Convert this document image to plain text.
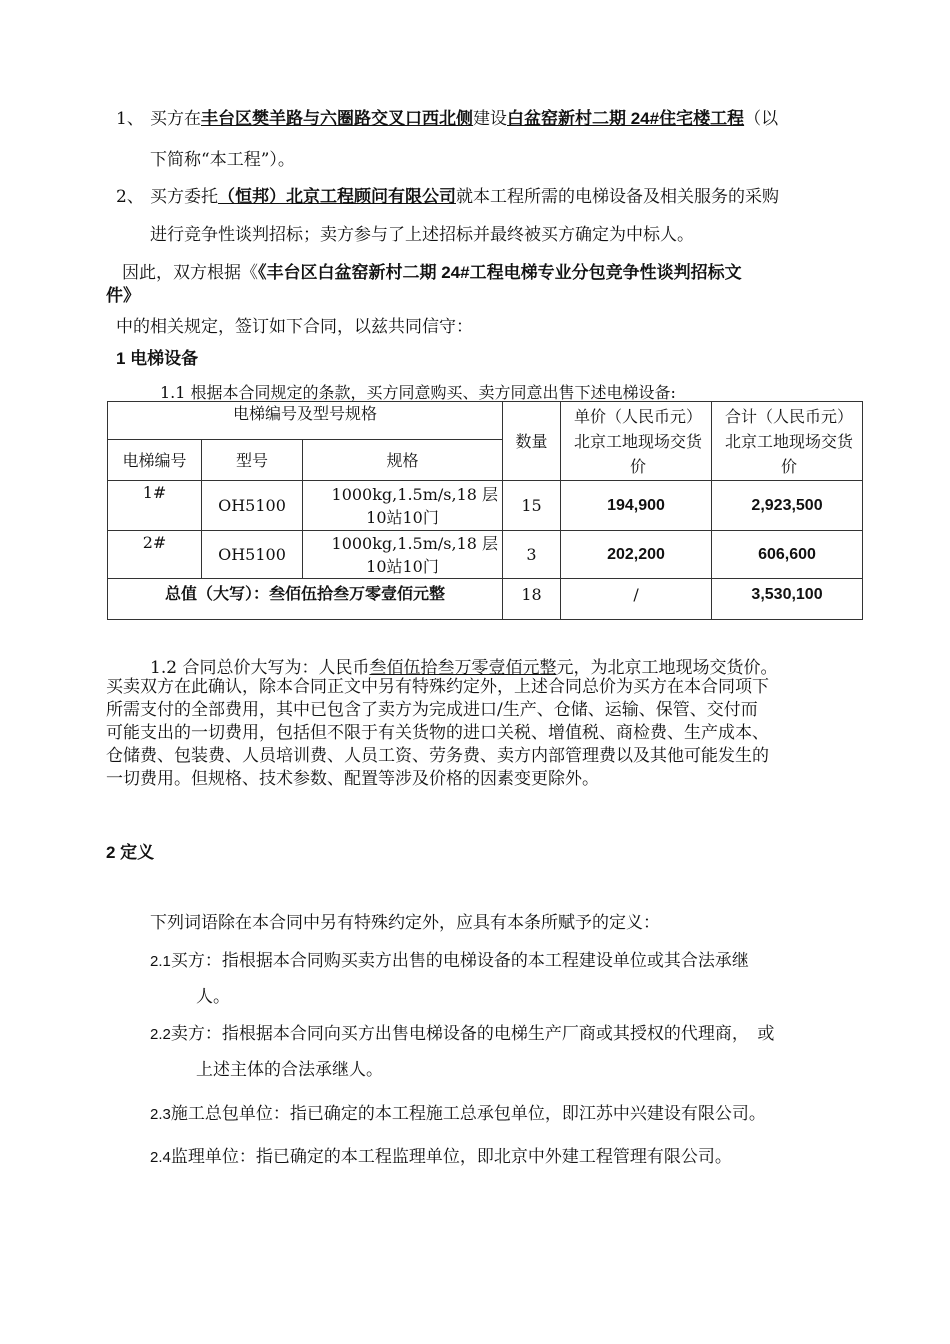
1、 买方在丰台区樊羊路与六圈路交叉口西北侧建设白盆窑新村二期 24#住宅楼工程（以
下简称“本工程”）。
2、 买方委托（恒邦）北京工程顾问有限公司就本工程所需的电梯设备及相关服务的采购
进行竞争性谈判招标；卖方参与了上述招标并最终被买方确定为中标人。
因此，双方根据《《丰台区白盆窑新村二期 24#工程电梯专业分包竞争性谈判招标文
件》
中的相关规定，签订如下合同，以兹共同信守：
1 电梯设备
1.1 根据本合同规定的条款，买方同意购买、卖方同意出售下述电梯设备:
电梯编号及型号规格			数量	单价（人民币元）北京工地现场交货价	合计（人民币元）北京工地现场交货价
电梯编号	型号	规格			
1#	OH5100	1000kg,1.5m/s,18 层
10站10门	15	194,900	2,923,500
2#	OH5100	1000kg,1.5m/s,18 层
10站10门	3	202,200	606,600
总值（大写）：叁佰伍拾叁万零壹佰元整			18	/	3,530,100
1.2 合同总价大写为：人民币叁佰伍拾叁万零壹佰元整元，为北京工地现场交货价。
买卖双方在此确认，除本合同正文中另有特殊约定外，上述合同总价为买方在本合同项下
所需支付的全部费用，其中已包含了卖方为完成进口/生产、仓储、运输、保管、交付而
可能支出的一切费用，包括但不限于有关货物的进口关税、增值税、商检费、生产成本、
仓储费、包装费、人员培训费、人员工资、劳务费、卖方内部管理费以及其他可能发生的
一切费用。但规格、技术参数、配置等涉及价格的因素变更除外。
2 定义
下列词语除在本合同中另有特殊约定外，应具有本条所赋予的定义：
2.1买方：指根据本合同购买卖方出售的电梯设备的本工程建设单位或其合法承继
人。
2.2卖方：指根据本合同向买方出售电梯设备的电梯生产厂商或其授权的代理商，　或
上述主体的合法承继人。
2.3施工总包单位：指已确定的本工程施工总承包单位，即江苏中兴建设有限公司。
2.4监理单位：指已确定的本工程监理单位，即北京中外建工程管理有限公司。
